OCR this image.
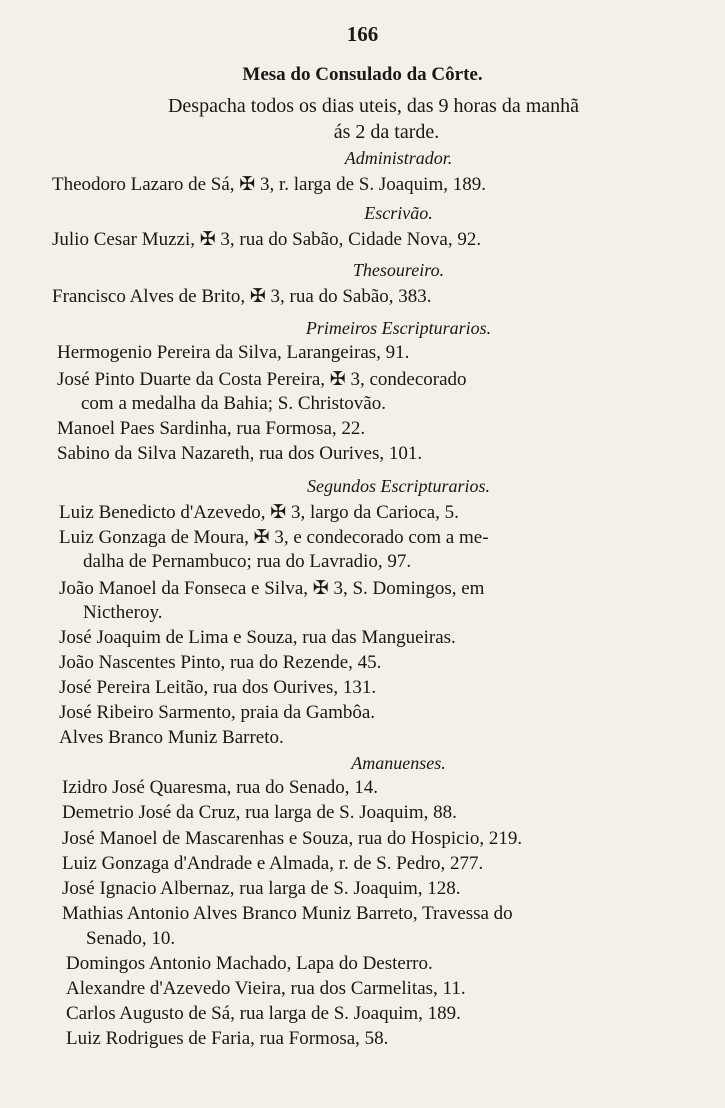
166
Mesa do Consulado da Côrte.
Despacha todos os dias uteis, das 9 horas da manhã
ás 2 da tarde.
Administrador.
Theodoro Lazaro de Sá, ✠ 3, r. larga de S. Joaquim, 189.
Escrivão.
Julio Cesar Muzzi, ✠ 3, rua do Sabão, Cidade Nova, 92.
Thesoureiro.
Francisco Alves de Brito, ✠ 3, rua do Sabão, 383.
Primeiros Escripturarios.
Hermogenio Pereira da Silva, Larangeiras, 91.
José Pinto Duarte da Costa Pereira, ✠ 3, condecorado
com a medalha da Bahia; S. Christovão.
Manoel Paes Sardinha, rua Formosa, 22.
Sabino da Silva Nazareth, rua dos Ourives, 101.
Segundos Escripturarios.
Luiz Benedicto d'Azevedo, ✠ 3, largo da Carioca, 5.
Luiz Gonzaga de Moura, ✠ 3, e condecorado com a me-
dalha de Pernambuco; rua do Lavradio, 97.
João Manoel da Fonseca e Silva, ✠ 3, S. Domingos, em
Nictheroy.
José Joaquim de Lima e Souza, rua das Mangueiras.
João Nascentes Pinto, rua do Rezende, 45.
José Pereira Leitão, rua dos Ourives, 131.
José Ribeiro Sarmento, praia da Gambôa.
Alves Branco Muniz Barreto.
Amanuenses.
Izidro José Quaresma, rua do Senado, 14.
Demetrio José da Cruz, rua larga de S. Joaquim, 88.
José Manoel de Mascarenhas e Souza, rua do Hospicio, 219.
Luiz Gonzaga d'Andrade e Almada, r. de S. Pedro, 277.
José Ignacio Albernaz, rua larga de S. Joaquim, 128.
Mathias Antonio Alves Branco Muniz Barreto, Travessa do
Senado, 10.
Domingos Antonio Machado, Lapa do Desterro.
Alexandre d'Azevedo Vieira, rua dos Carmelitas, 11.
Carlos Augusto de Sá, rua larga de S. Joaquim, 189.
Luiz Rodrigues de Faria, rua Formosa, 58.
